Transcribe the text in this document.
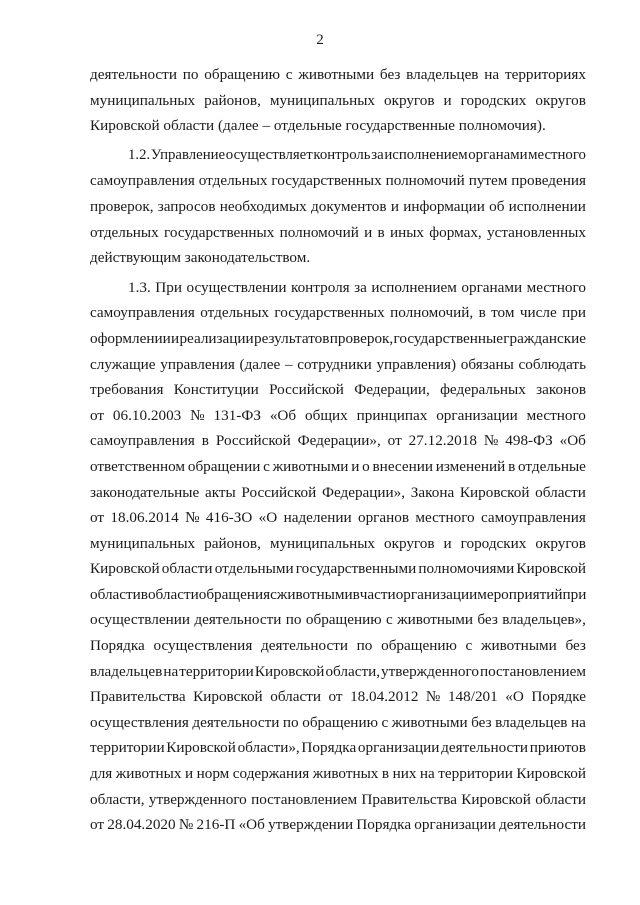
2
деятельности по обращению с животными без владельцев на территориях
муниципальных районов, муниципальных округов и городских округов
Кировской области (далее – отдельные государственные полномочия).
1.2. Управление осуществляет контроль за исполнением органами местного
самоуправления отдельных государственных полномочий путем проведения
проверок, запросов необходимых документов и информации об исполнении
отдельных государственных полномочий и в иных формах, установленных
действующим законодательством.
1.3. При осуществлении контроля за исполнением органами местного
самоуправления отдельных государственных полномочий, в том числе при
оформлении и реализации результатов проверок, государственные гражданские
служащие управления (далее – сотрудники управления) обязаны соблюдать
требования Конституции Российской Федерации, федеральных законов
от 06.10.2003 № 131-ФЗ «Об общих принципах организации местного
самоуправления в Российской Федерации», от 27.12.2018 № 498-ФЗ «Об
ответственном обращении с животными и о внесении изменений в отдельные
законодательные акты Российской Федерации», Закона Кировской области
от 18.06.2014 № 416-ЗО «О наделении органов местного самоуправления
муниципальных районов, муниципальных округов и городских округов
Кировской области отдельными государственными полномочиями Кировской
области в области обращения с животными в части организации мероприятий при
осуществлении деятельности по обращению с животными без владельцев»,
Порядка осуществления деятельности по обращению с животными без
владельцев на территории Кировской области, утвержденного постановлением
Правительства Кировской области от 18.04.2012 № 148/201 «О Порядке
осуществления деятельности по обращению с животными без владельцев на
территории Кировской области», Порядка организации деятельности приютов
для животных и норм содержания животных в них на территории Кировской
области, утвержденного постановлением Правительства Кировской области
от 28.04.2020 № 216-П «Об утверждении Порядка организации деятельности
